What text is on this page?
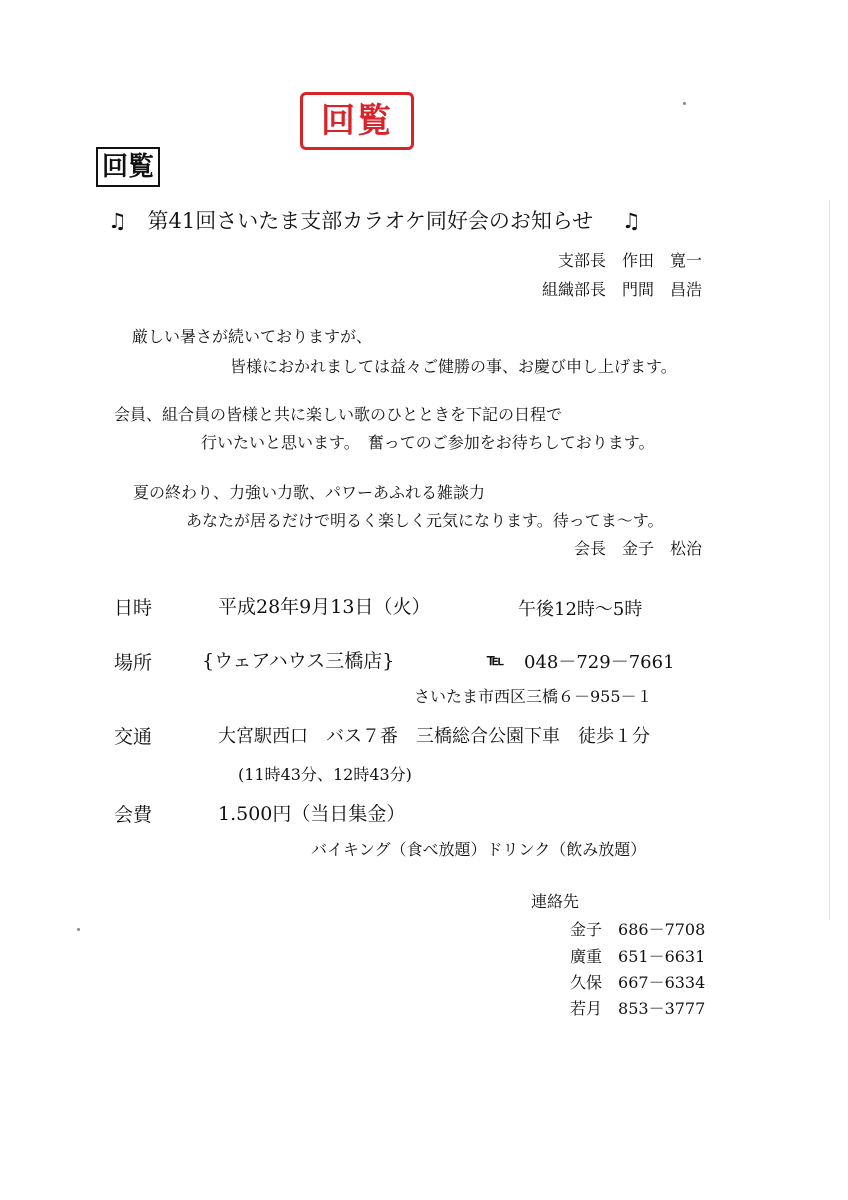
回覧
回覧
♫ 第41回さいたま支部カラオケ同好会のお知らせ ♫
支部長　 作田　寛一
組織部長　 門間　昌浩
厳しい暑さが続いておりますが、
皆様におかれましては益々ご健勝の事、お慶び申し上げます。
会員、組合員の皆様と共に楽しい歌のひとときを下記の日程で
行いたいと思います。　奮ってのご参加をお待ちしております。
夏の終わり、力強い力歌、パワーあふれる雑談力
あなたが居るだけで明るく楽しく元気になります。待ってま～す。
会長　 金子　松治
日時	平成28年9月13日（火）	午後12時～5時
場所	{ウェアハウス三橋店}	℡ 048－729－7661
さいたま市西区三橋６－955－１
交通	大宮駅西口　バス７番　三橋総合公園下車　徒歩１分
(11時43分、12時43分)
会費	1.500円（当日集金）
バイキング（食べ放題）ドリンク（飲み放題）
連絡先
金子　 686－7708
廣重　 651－6631
久保　 667－6334
若月　 853－3777
